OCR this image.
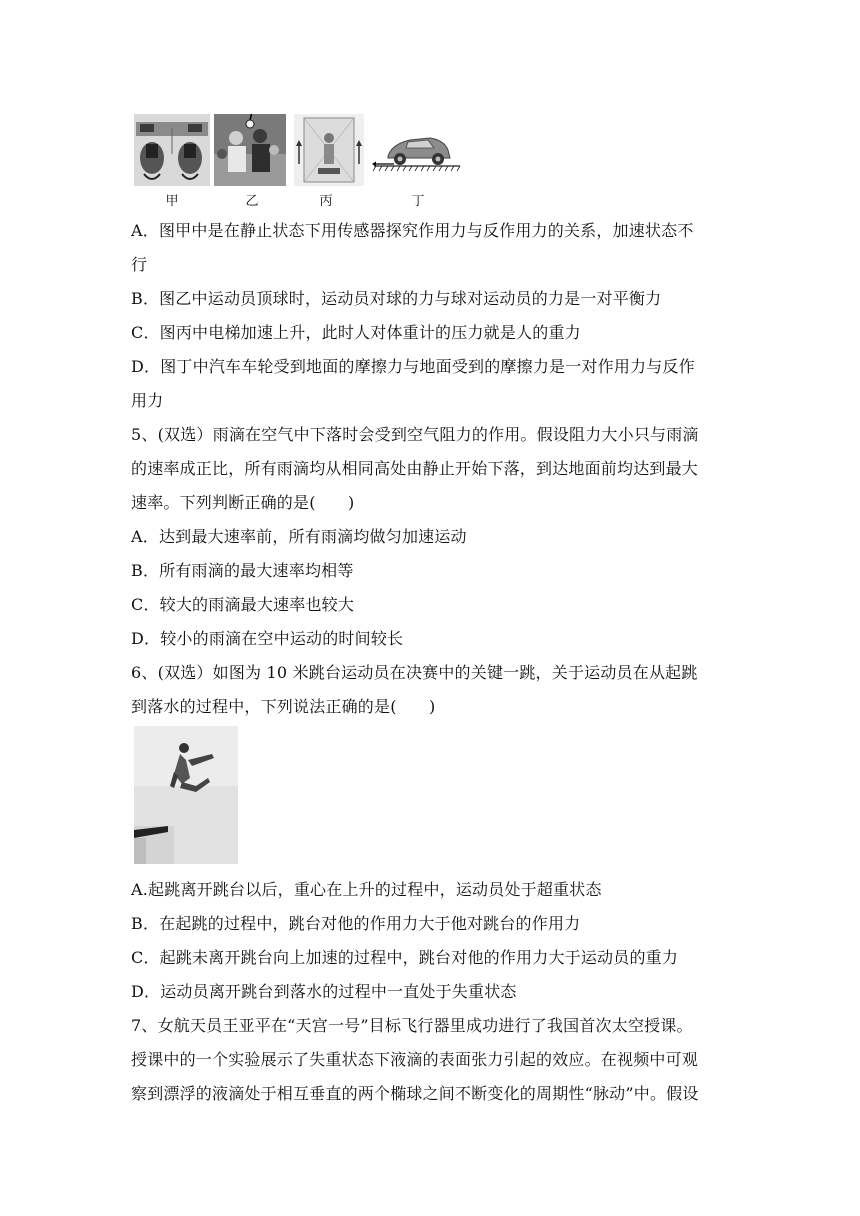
甲	乙	丙	丁
A．图甲中是在静止状态下用传感器探究作用力与反作用力的关系，加速状态不
行
B．图乙中运动员顶球时，运动员对球的力与球对运动员的力是一对平衡力
C．图丙中电梯加速上升，此时人对体重计的压力就是人的重力
D．图丁中汽车车轮受到地面的摩擦力与地面受到的摩擦力是一对作用力与反作
用力
5、(双选）雨滴在空气中下落时会受到空气阻力的作用。假设阻力大小只与雨滴
的速率成正比，所有雨滴均从相同高处由静止开始下落，到达地面前均达到最大
速率。下列判断正确的是(　　)
A．达到最大速率前，所有雨滴均做匀加速运动
B．所有雨滴的最大速率均相等
C．较大的雨滴最大速率也较大
D．较小的雨滴在空中运动的时间较长
6、(双选）如图为 10 米跳台运动员在决赛中的关键一跳，关于运动员在从起跳
到落水的过程中，下列说法正确的是(　　)
A.起跳离开跳台以后，重心在上升的过程中，运动员处于超重状态
B．在起跳的过程中，跳台对他的作用力大于他对跳台的作用力
C．起跳未离开跳台向上加速的过程中，跳台对他的作用力大于运动员的重力
D．运动员离开跳台到落水的过程中一直处于失重状态
7、女航天员王亚平在“天宫一号”目标飞行器里成功进行了我国首次太空授课。
授课中的一个实验展示了失重状态下液滴的表面张力引起的效应。在视频中可观
察到漂浮的液滴处于相互垂直的两个椭球之间不断变化的周期性“脉动”中。假设
